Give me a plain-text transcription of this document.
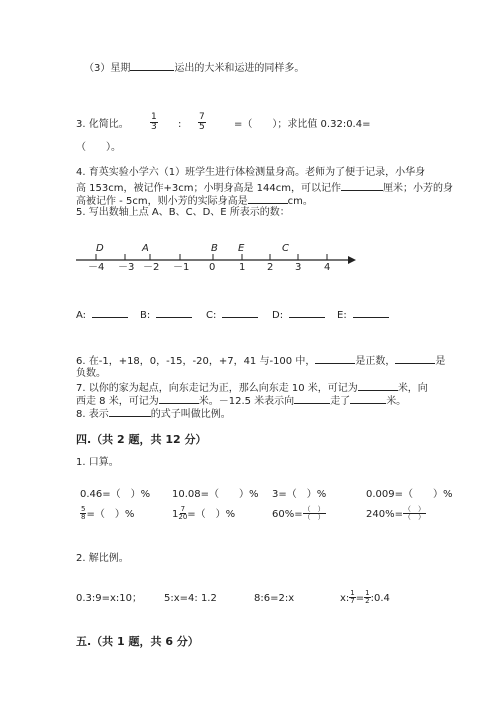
（3）星期	运出的大米和运进的同样多。
3. 化简比。 $\frac{1}{3}$ : $\frac{7}{5}$	=（　　）；求比值 0.32:0.4=
（　　）。
4. 育英实验小学六（1）班学生进行体检测量身高。老师为了便于记录，小华身
高 153cm，被记作+3cm；小明身高是 144cm，可以记作	厘米；小芳的身
高被记作 - 5cm，则小芳的实际身高是	cm。
5. 写出数轴上点 A、B、C、D、E 所表示的数：
－4 －3 －2 －1 0 1 2 3 4
D	A	B E	C
A:	B:	C:	D:	E:
6. 在-1，+18，0，-15，-20，+7，41 与-100 中，	是正数，	是
负数。
7. 以你的家为起点，向东走记为正，那么向东走 10 米，可记为	米，向
西走 8 米，可记为	米。－12.5 米表示向	走了	米。
8. 表示	的式子叫做比例。
四.（共 2 题，共 12 分）
1. 口算。
0.46=（　）% 10.08=（　　）% 3=（　）%	0.009=（　　）%
$\frac{5}{8}$ =（　）%	$1 \frac{7}{20}$ =（　）%	$60\%= \frac{( )}{( )}$	$240\%= \frac{( )}{( )}$
2. 解比例。
0.3:9=x:10； 5:x=4: 1.2	8:6=2:x	x: $\frac{1}{7} = \frac{1}{2}$ :0.4
五.（共 1 题，共 6 分）
